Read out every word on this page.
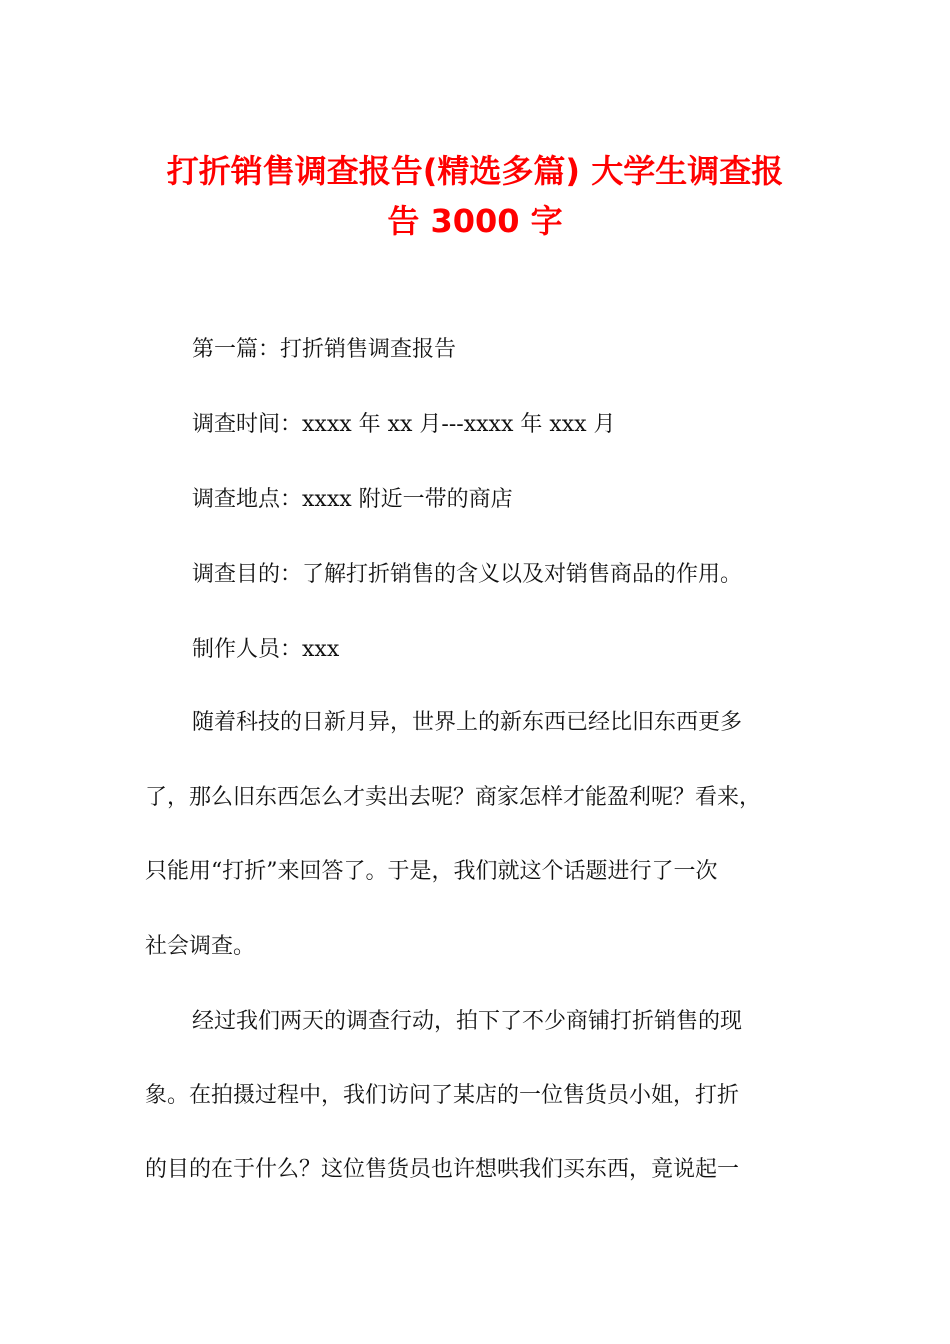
打折销售调查报告(精选多篇) 大学生调查报
告 3000 字

第一篇：打折销售调查报告

调查时间：xxxx 年 xx 月---xxxx 年 xxx 月

调查地点：xxxx 附近一带的商店

调查目的：了解打折销售的含义以及对销售商品的作用。

制作人员：xxx

随着科技的日新月异，世界上的新东西已经比旧东西更多

了，那么旧东西怎么才卖出去呢？商家怎样才能盈利呢？看来，

只能用“打折”来回答了。于是，我们就这个话题进行了一次

社会调查。

经过我们两天的调查行动，拍下了不少商铺打折销售的现

象。在拍摄过程中，我们访问了某店的一位售货员小姐，打折

的目的在于什么？这位售货员也许想哄我们买东西，竟说起一
